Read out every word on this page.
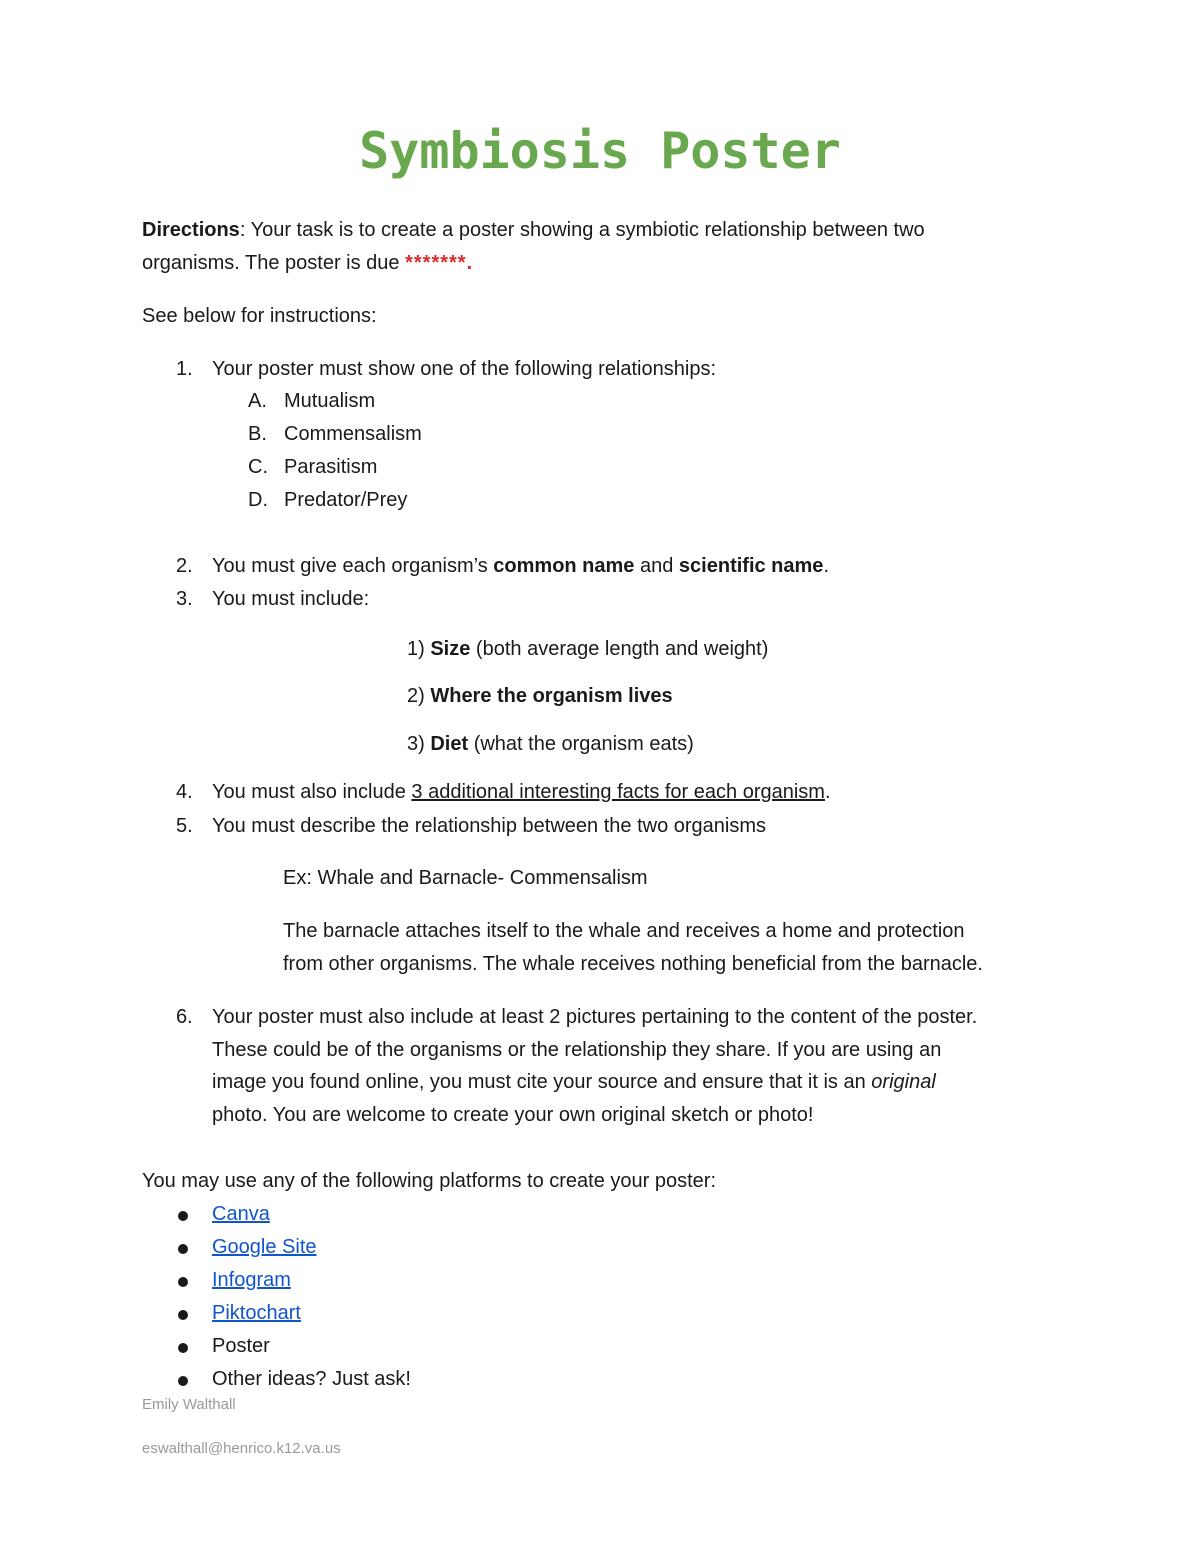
Symbiosis Poster

Directions: Your task is to create a poster showing a symbiotic relationship between two organisms. The poster is due *******.

See below for instructions:

1. Your poster must show one of the following relationships:

A. Mutualism

B. Commensalism

C. Parasitism

D. Predator/Prey

2. You must give each organism’s common name and scientific name.

3. You must include:

1) Size (both average length and weight)

2) Where the organism lives

3) Diet (what the organism eats)

4. You must also include 3 additional interesting facts for each organism.

5. You must describe the relationship between the two organisms

Ex: Whale and Barnacle- Commensalism

The barnacle attaches itself to the whale and receives a home and protection

from other organisms. The whale receives nothing beneficial from the barnacle.

6. Your poster must also include at least 2 pictures pertaining to the content of the poster.

These could be of the organisms or the relationship they share. If you are using an

image you found online, you must cite your source and ensure that it is an original

photo. You are welcome to create your own original sketch or photo!

You may use any of the following platforms to create your poster:

Canva
Google Site
Infogram
Piktochart

Poster

Other ideas? Just ask!

Emily Walthall

eswalthall@henrico.k12.va.us
